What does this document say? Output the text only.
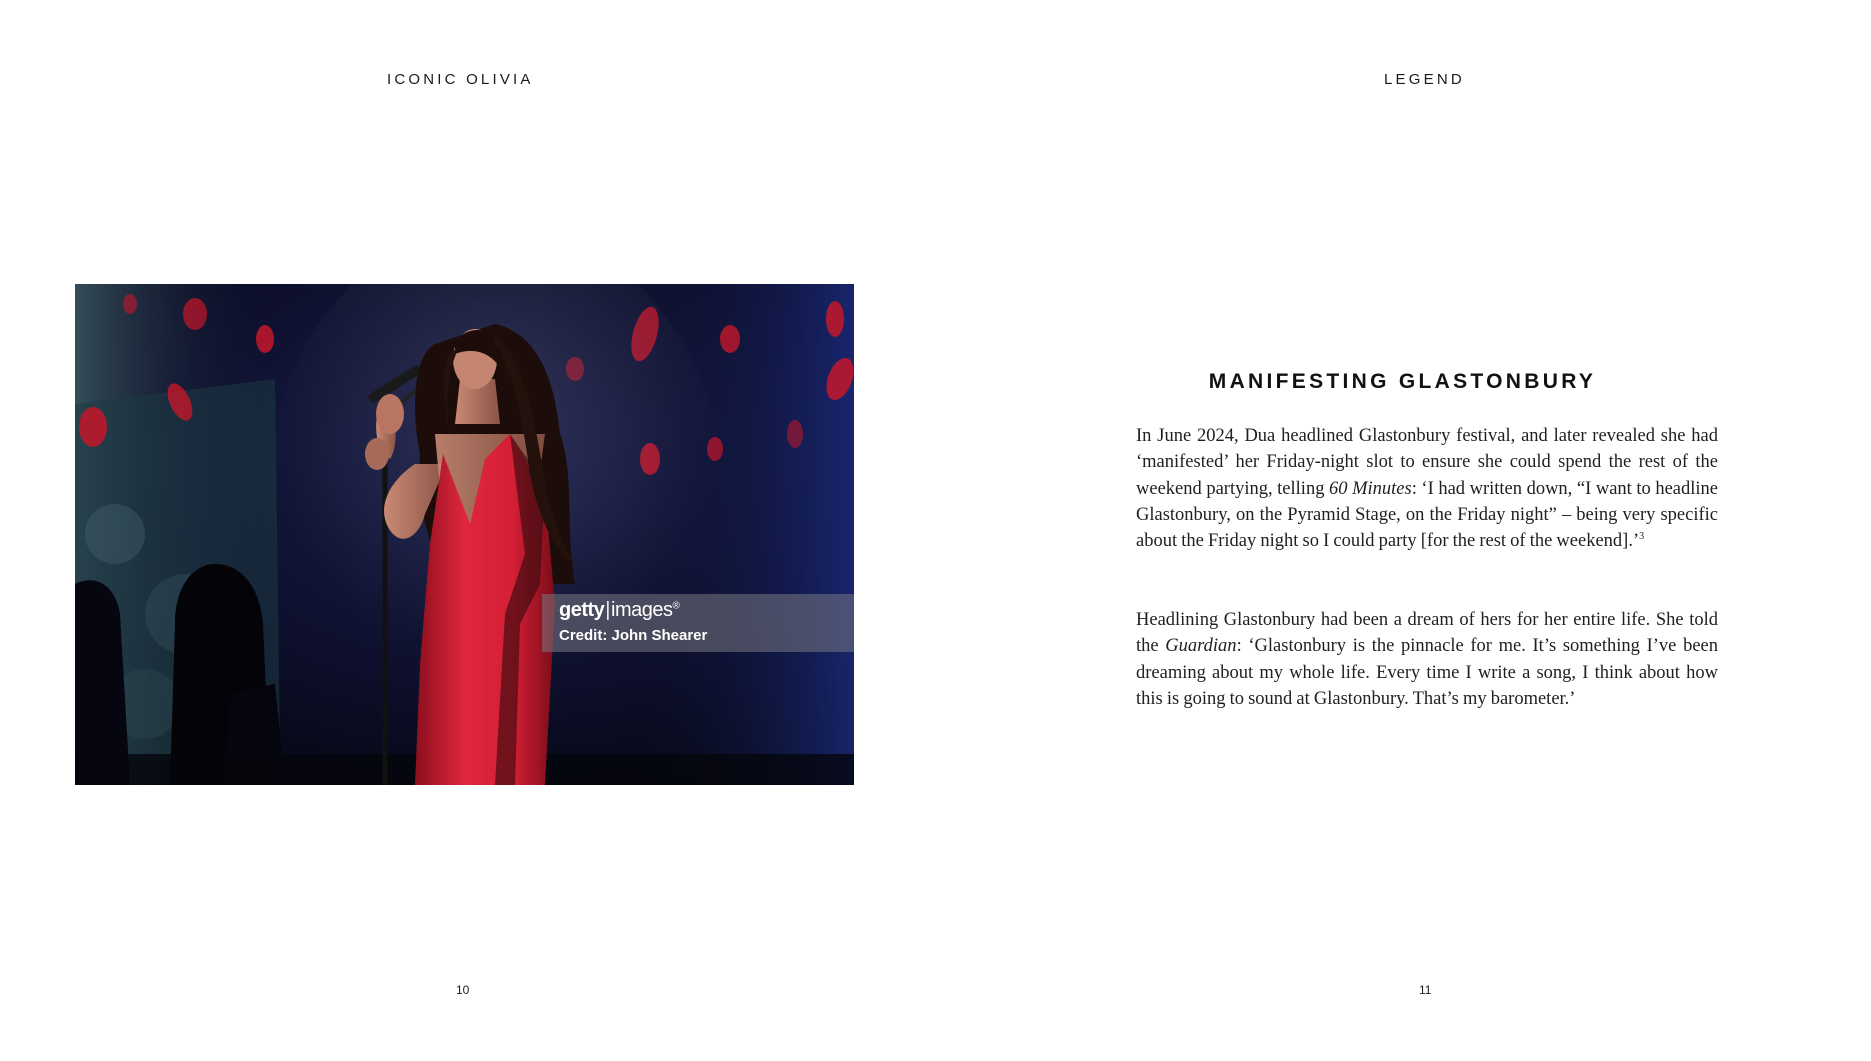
ICONIC OLIVIA
getty|images®
Credit: John Shearer
10
LEGEND
MANIFESTING GLASTONBURY

In June 2024, Dua headlined Glastonbury festival, and later revealed she had ‘manifested’ her Friday-night slot to ensure she could spend the rest of the weekend partying, telling 60 Minutes: ‘I had written down, “I want to headline Glastonbury, on the Pyramid Stage, on the Friday night” – being very specific about the Friday night so I could party [for the rest of the weekend].’$^3$

Headlining Glastonbury had been a dream of hers for her entire life. She told the Guardian: ‘Glastonbury is the pinnacle for me. It’s something I’ve been dreaming about my whole life. Every time I write a song, I think about how this is going to sound at Glastonbury. That’s my barometer.’

11
